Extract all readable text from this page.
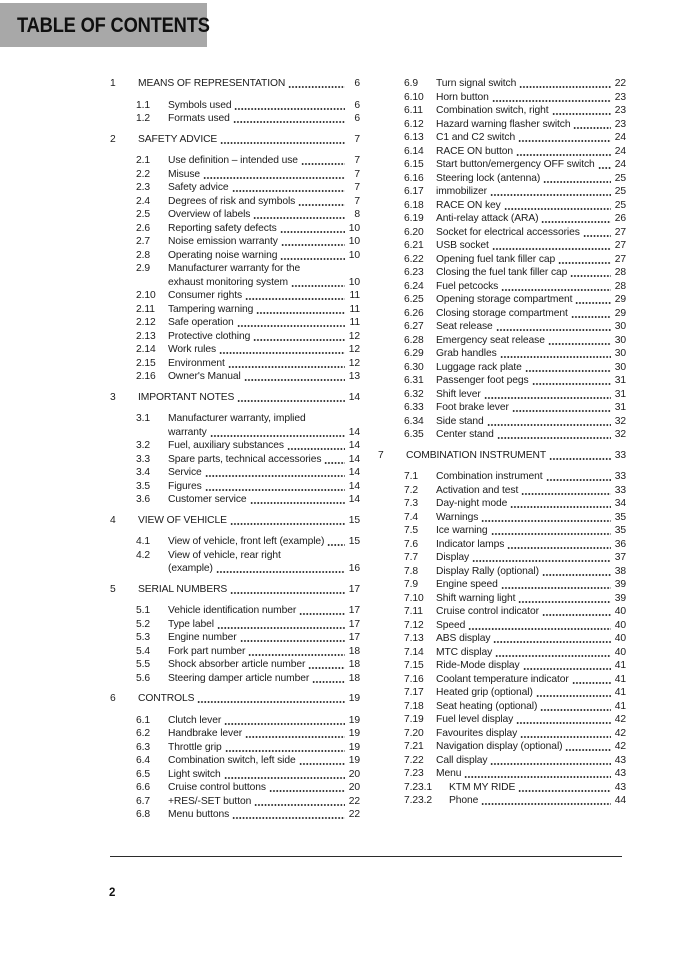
TABLE OF CONTENTS
1	MEANS OF REPRESENTATION	6
1.1	Symbols used	6
1.2	Formats used	6
2	SAFETY ADVICE	7
2.1	Use definition – intended use	7
2.2	Misuse	7
2.3	Safety advice	7
2.4	Degrees of risk and symbols	7
2.5	Overview of labels	8
2.6	Reporting safety defects	10
2.7	Noise emission warranty	10
2.8	Operating noise warning	10
2.9	Manufacturer warranty for the
exhaust monitoring system	10
2.10	Consumer rights	11
2.11	Tampering warning	11
2.12	Safe operation	11
2.13	Protective clothing	12
2.14	Work rules	12
2.15	Environment	12
2.16	Owner's Manual	13
3	IMPORTANT NOTES	14
3.1	Manufacturer warranty, implied
warranty	14
3.2	Fuel, auxiliary substances	14
3.3	Spare parts, technical accessories	14
3.4	Service	14
3.5	Figures	14
3.6	Customer service	14
4	VIEW OF VEHICLE	15
4.1	View of vehicle, front left (example) 15
4.2	View of vehicle, rear right
(example)	16
5	SERIAL NUMBERS	17
5.1	Vehicle identification number	17
5.2	Type label	17
5.3	Engine number	17
5.4	Fork part number	18
5.5	Shock absorber article number	18
5.6	Steering damper article number	18
6	CONTROLS	19
6.1	Clutch lever	19
6.2	Handbrake lever	19
6.3	Throttle grip	19
6.4	Combination switch, left side	19
6.5	Light switch	20
6.6	Cruise control buttons	20
6.7	+RES/-SET button	22
6.8	Menu buttons	22
6.9	Turn signal switch	22
6.10	Horn button	23
6.11	Combination switch, right	23
6.12	Hazard warning flasher switch	23
6.13	C1 and C2 switch	24
6.14	RACE ON button	24
6.15	Start button/emergency OFF switch 24
6.16	Steering lock (antenna)	25
6.17	immobilizer	25
6.18	RACE ON key	25
6.19	Anti-relay attack (ARA)	26
6.20	Socket for electrical accessories	27
6.21	USB socket	27
6.22	Opening fuel tank filler cap	27
6.23	Closing the fuel tank filler cap	28
6.24	Fuel petcocks	28
6.25	Opening storage compartment	29
6.26	Closing storage compartment	29
6.27	Seat release	30
6.28	Emergency seat release	30
6.29	Grab handles	30
6.30	Luggage rack plate	30
6.31	Passenger foot pegs	31
6.32	Shift lever	31
6.33	Foot brake lever	31
6.34	Side stand	32
6.35	Center stand	32
7	COMBINATION INSTRUMENT	33
7.1	Combination instrument	33
7.2	Activation and test	33
7.3	Day-night mode	34
7.4	Warnings	35
7.5	Ice warning	35
7.6	Indicator lamps	36
7.7	Display	37
7.8	Display Rally (optional)	38
7.9	Engine speed	39
7.10	Shift warning light	39
7.11	Cruise control indicator	40
7.12	Speed	40
7.13	ABS display	40
7.14	MTC display	40
7.15	Ride-Mode display	41
7.16	Coolant temperature indicator	41
7.17	Heated grip (optional)	41
7.18	Seat heating (optional)	41
7.19	Fuel level display	42
7.20	Favourites display	42
7.21	Navigation display (optional)	42
7.22	Call display	43
7.23	Menu	43
7.23.1	KTM MY RIDE	43
7.23.2	Phone	44
2
